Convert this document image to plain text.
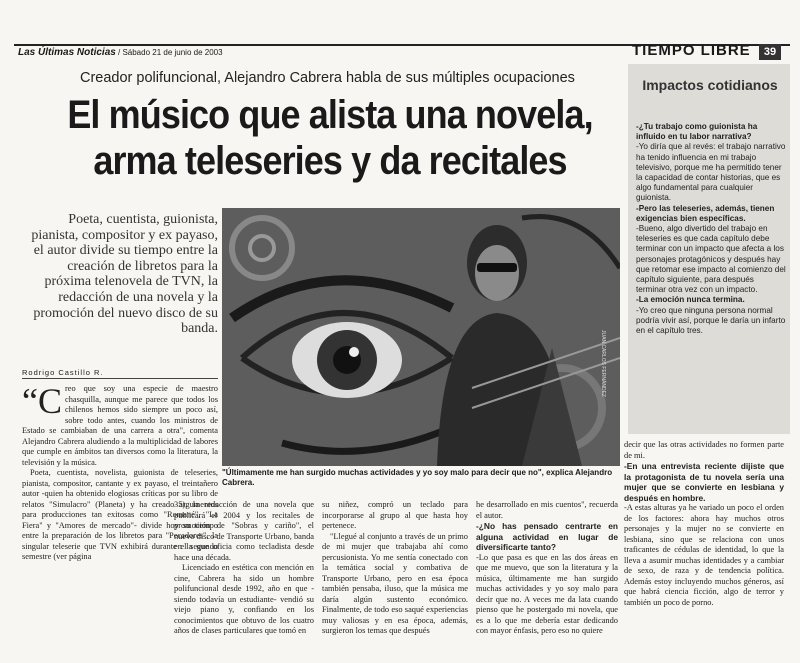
Las Últimas Noticias / Sábado 21 de junio de 2003	TIEMPO LIBRE	39
Creador polifuncional, Alejandro Cabrera habla de sus múltiples ocupaciones
El músico que alista una novela,
arma teleseries y da recitales
Poeta, cuentista, guionista, pianista, compositor y ex payaso, el autor divide su tiempo entre la creación de libretos para la próxima telenovela de TVN, la redacción de una novela y la promoción del nuevo disco de su banda.
Rodrigo Castillo R.	JUAN CARLOS FERNÁNDEZ
"Últimamente me han surgido muchas actividades y yo soy malo para decir que no", explica Alejandro Cabrera.

“Creo que soy una especie de maestro chasquilla, aunque me parece que todos los chilenos hemos sido siempre un poco así, sobre todo antes, cuando los ministros de Estado se cambiaban de una carrera a otra", comenta Alejandro Cabrera aludiendo a la multiplicidad de labores que cumple en ámbitos tan diversos como la literatura, la televisión y la música.

Poeta, cuentista, novelista, guionista de teleseries, pianista, compositor, cantante y ex payaso, el treintañero autor -quien ha obtenido elogiosas críticas por su libro de relatos "Simulacro" (Planeta) y ha creado argumentos para producciones tan exitosas como "Romané", "La Fiera" y "Amores de mercado"- divide hoy su tiempo entre la preparación de los libretos para "Pecadores", la singular teleserie que TVN exhibirá durante el segundo semestre (ver página

35), la redacción de una novela que publicará el 2004 y los recitales de promoción de "Sobras y cariño", el nuevo disco de Transporte Urbano, banda en la que oficia como tecladista desde hace una década.

Licenciado en estética con mención en cine, Cabrera ha sido un hombre polifuncional desde 1992, año en que -siendo todavía un estudiante- vendió su viejo piano y, confiando en los conocimientos que obtuvo de los cuatro años de clases particulares que tomó en

su niñez, compró un teclado para incorporarse al grupo al que hasta hoy pertenece.

"Llegué al conjunto a través de un primo de mi mujer que trabajaba ahí como percusionista. Yo me sentía conectado con la temática social y combativa de Transporte Urbano, pero en esa época también pensaba, iluso, que la música me daría algún sustento económico. Finalmente, de todo eso saqué experiencias muy valiosas y en esa época, además, surgieron los temas que después

he desarrollado en mis cuentos", recuerda el autor.

-¿No has pensado centrarte en alguna actividad en lugar de diversificarte tanto?

-Lo que pasa es que en las dos áreas en que me muevo, que son la literatura y la música, últimamente me han surgido muchas actividades y yo soy malo para decir que no. A veces me da lata cuando pienso que he postergado mi novela, que es a lo que me debería estar dedicando con mayor énfasis, pero eso no quiere

decir que las otras actividades no formen parte de mi.

-En una entrevista reciente dijiste que la protagonista de tu novela sería una mujer que se convierte en lesbiana y después en hombre.

-A estas alturas ya he variado un poco el orden de los factores: ahora hay muchos otros personajes y la mujer no se convierte en lesbiana, sino que se relaciona con unos traficantes de cédulas de identidad, lo que la lleva a asumir muchas identidades y a cambiar de sexo, de raza y de tendencia política. Además estoy incluyendo muchos géneros, así que habrá ciencia ficción, algo de terror y también un poco de porno.

Impactos cotidianos

-¿Tu trabajo como guionista ha influido en tu labor narrativa?

-Yo diría que al revés: el trabajo narrativo ha tenido influencia en mi trabajo televisivo, porque me ha permitido tener la capacidad de contar historias, que es algo fundamental para cualquier guionista.

-Pero las teleseries, además, tienen exigencias bien específicas.

-Bueno, algo divertido del trabajo en teleseries es que cada capítulo debe terminar con un impacto que afecta a los personajes protagónicos y después hay que retomar ese impacto al comienzo del capítulo siguiente, para después terminar otra vez con un impacto.

-La emoción nunca termina.

-Yo creo que ninguna persona normal podría vivir así, porque le daría un infarto en el capítulo tres.
